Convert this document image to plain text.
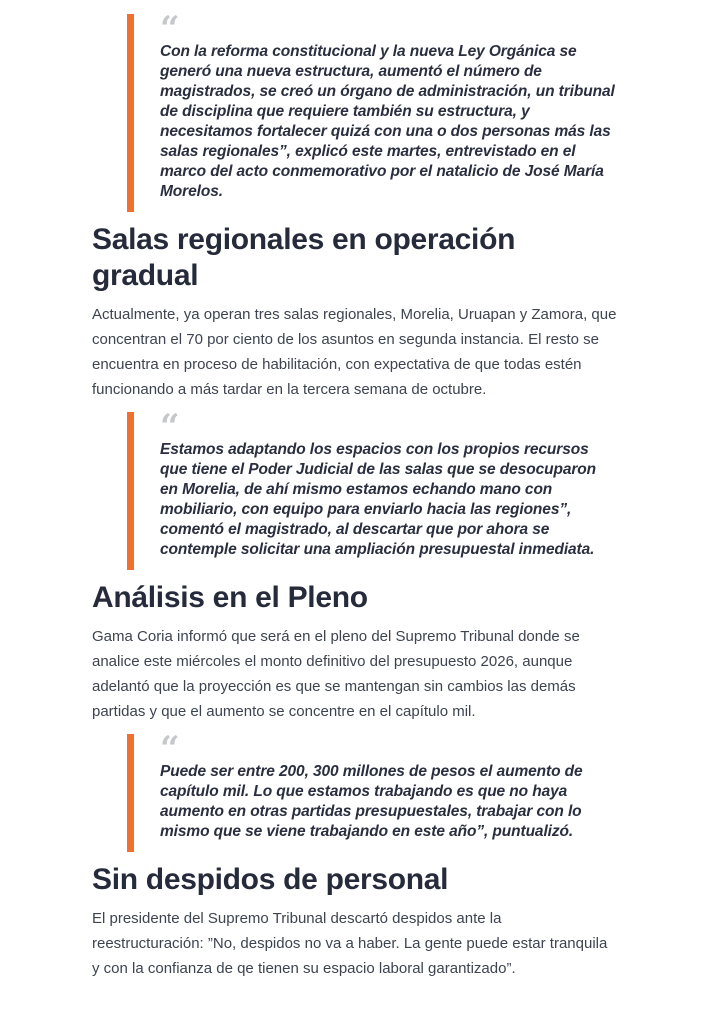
“

Con la reforma constitucional y la nueva Ley Orgánica se generó una nueva estructura, aumentó el número de magistrados, se creó un órgano de administración, un tribunal de disciplina que requiere también su estructura, y necesitamos fortalecer quizá con una o dos personas más las salas regionales”, explicó este martes, entrevistado en el marco del acto conmemorativo por el natalicio de José María Morelos.

Salas regionales en operación gradual

Actualmente, ya operan tres salas regionales, Morelia, Uruapan y Zamora, que concentran el 70 por ciento de los asuntos en segunda instancia. El resto se encuentra en proceso de habilitación, con expectativa de que todas estén funcionando a más tardar en la tercera semana de octubre.

“

Estamos adaptando los espacios con los propios recursos que tiene el Poder Judicial de las salas que se desocuparon en Morelia, de ahí mismo estamos echando mano con mobiliario, con equipo para enviarlo hacia las regiones”, comentó el magistrado, al descartar que por ahora se contemple solicitar una ampliación presupuestal inmediata.

Análisis en el Pleno

Gama Coria informó que será en el pleno del Supremo Tribunal donde se analice este miércoles el monto definitivo del presupuesto 2026, aunque adelantó que la proyección es que se mantengan sin cambios las demás partidas y que el aumento se concentre en el capítulo mil.

“

Puede ser entre 200, 300 millones de pesos el aumento de capítulo mil. Lo que estamos trabajando es que no haya aumento en otras partidas presupuestales, trabajar con lo mismo que se viene trabajando en este año”, puntualizó.

Sin despidos de personal

El presidente del Supremo Tribunal descartó despidos ante la reestructuración: ”No, despidos no va a haber. La gente puede estar tranquila y con la confianza de qe tienen su espacio laboral garantizado”.
